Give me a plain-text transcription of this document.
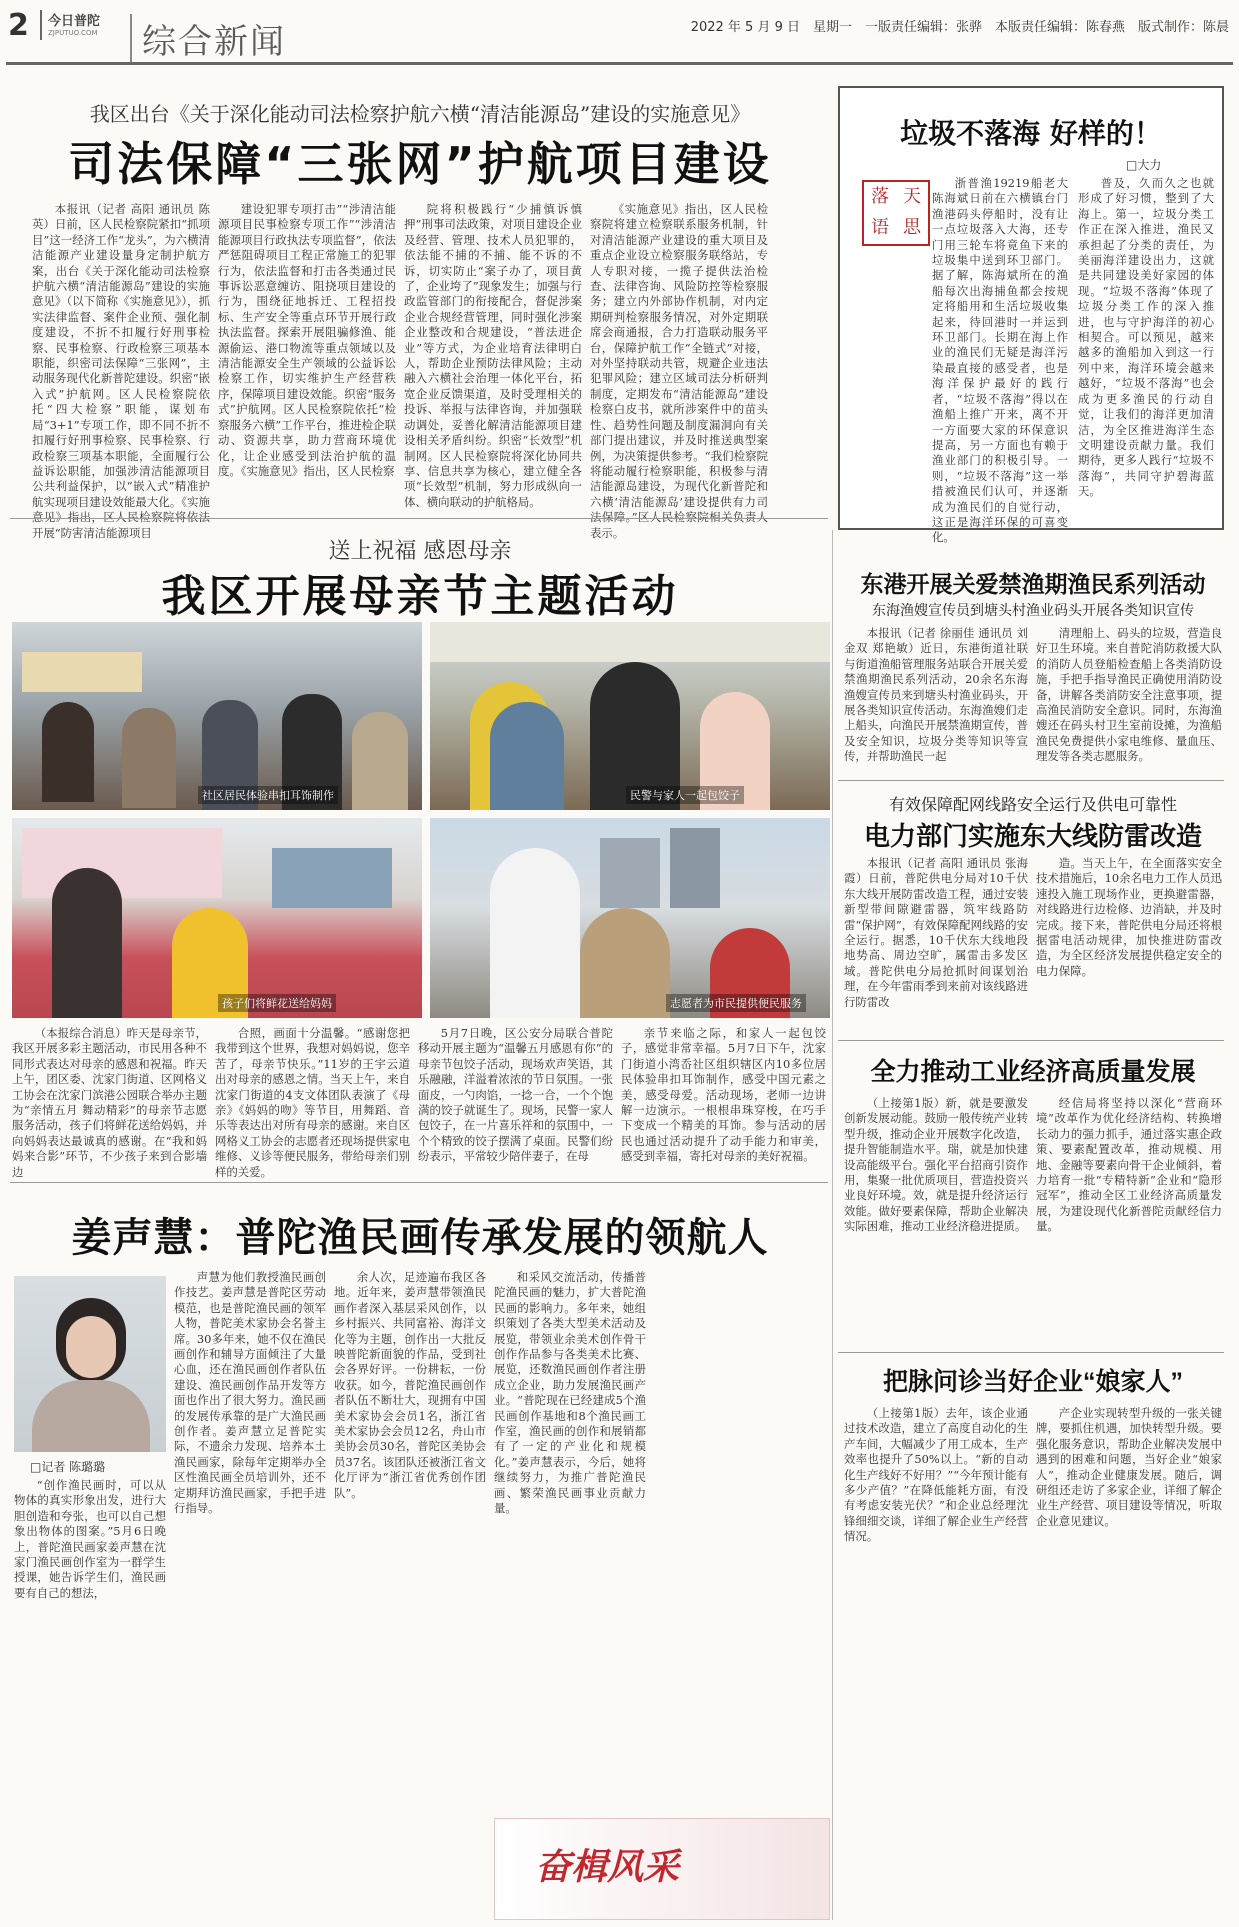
2 今日普陀
ZJPUTUO.COM	综合新闻	2022 年 5 月 9 日　星期一　一版责任编辑：张骅　本版责任编辑：陈春燕　版式制作：陈晨
我区出台《关于深化能动司法检察护航六横“清洁能源岛”建设的实施意见》
司法保障“三张网”护航项目建设
本报讯（记者 高阳 通讯员 陈英）日前，区人民检察院紧扣“抓项目”这一经济工作“龙头”，为六横清洁能源产业建设量身定制护航方案，出台《关于深化能动司法检察护航六横“清洁能源岛”建设的实施意见》（以下简称《实施意见》），抓实法律监督、案件企业预、强化制度建设，不折不扣履行好刑事检察、民事检察、行政检察三项基本职能，织密司法保障“三张网”，主动服务现代化新普陀建设。织密“嵌入式”护航网。区人民检察院依托“四大检察”职能，谋划布局“3+1”专项工作，即不同不折不扣履行好刑事检察、民事检察、行政检察三项基本职能，全面履行公益诉讼职能，加强涉清洁能源项目公共利益保护，以“嵌入式”精准护航实现项目建设效能最大化。《实施 开展“防害清洁能源项目
建设犯罪专项打击”“涉清洁能源项目民事检察专项工作”“涉清洁能源项目行政执法专项监督”，依法严惩阻碍项目工程正常施工的犯罪行为，依法监督和打击各类通过民事诉讼恶意缠访、阻挠项目建设的行为，围绕征地拆迁、工程招投标、生产安全等重点环节开展行政执法监督。探索开展阻骗修渔、能源偷运、港口物流等重点领域以及清洁能源安全生产领域的公益诉讼检察工作，切实维护生产经营秩序，保障项目建设效能。织密“服务式”护航网。区人民检察院依托“检察服务六横”工作平台，推进检企联动、资源共享，助力营商环境优化，让企业感受到法治护航的温度。《实施意见》指出，区人民检察
院将积极践行“少捕慎诉慎押”刑事司法政策，对项目建设企业及经营、管理、技术人员犯罪的，依法能不捕的不捕、能不诉的不诉，切实防止“案子办了，项目黄了，企业垮了”现象发生；加强与行政监管部门的衔接配合，督促涉案企业合规经营管理，同时强化涉案企业整改和合规建设，“普法进企业”等方式，为企业培育法律明白人，帮助企业预防法律风险；主动融入六横社会治理一体化平台，拓宽企业反馈渠道，及时受理相关的投诉、举报与法律咨询，并加强联动调处，妥善化解清洁能源项目建设相关矛盾纠纷。织密“长效型”机制网。区人民检察院将深化协同共享、信息共享为核心，建立健全各项“长效型”机制，努力形成纵向一体、横向联动的护航格局。
《实施意见》指出，区人民检察院将建立检察联系服务机制，针对清洁能源产业建设的重大项目及重点企业设立检察服务联络站，专人专职对接，一揽子提供法治检查、法律咨询、风险防控等检察服务；建立内外部协作机制，对内定期研判检察服务情况，对外定期联席会商通报，合力打造联动服务平台，保障护航工作“全链式”对接，对外坚持联动共管，规避企业违法犯罪风险；建立区域司法分析研判制度，定期发布“清洁能源岛”建设检察白皮书，就所涉案件中的苗头性、趋势性问题及制度漏洞向有关部门提出建议，并及时推送典型案例，为决策提供参考。“我们检察院将能动履行检察职能，积极参与清洁能源岛建设，为现代化新普陀和六横‘清洁能源岛’建设提供有力司 表示。
垃圾不落海 好样的！
□大力
落 天
语 思
浙普渔19219船老大陈海斌日前在六横镇台门渔港码头停船时，没有让一点垃圾落入大海，还专门用三轮车将竟鱼下来的垃圾集中送到环卫部门。据了解，陈海斌所在的渔船每次出海捕鱼都会按规定将船用和生活垃圾收集起来，待回港时一并运到环卫部门。长期在海上作业的渔民们无疑是海洋污染最直接的感受者，也是海洋保护最好的践行者，“垃圾不落海”得以在渔船上推广开来，离不开一方面要大家的环保意识提高，另一方面也有赖于渔业部门的积极引导。一则，“垃圾不落海”这一举措被渔民们认可，并逐渐成为渔民们的自觉行动，这正是海洋环保的可喜变化。
普及，久而久之也就形成了好习惯，整到了大海上。第一，垃圾分类工作正在深入推进，渔民又承担起了分类的责任，为美丽海洋建设出力，这就是共同建设美好家园的体现。“垃圾不落海”体现了垃圾分类工作的深入推进，也与守护海洋的初心相契合。可以预见，越来越多的渔船加入到这一行列中来，海洋环境会越来越好，“垃圾不落海”也会成为更多渔民的行动自觉，让我们的海洋更加清洁，为全区推进海洋生态文明建设贡献力量。我们期待，更多人践行“垃圾不落海”，共同守护碧海蓝天。
送上祝福 感恩母亲
我区开展母亲节主题活动
社区居民体验串扣耳饰制作	民警与家人一起包饺子
孩子们将鲜花送给妈妈	志愿者为市民提供便民服务
（本报综合消息）昨天是母亲节，我区开展多彩主题活动，市民用各种不同形式表达对母亲的感恩和祝福。昨天上午，团区委、沈家门街道、区网格义工协会在沈家门滨港公园联合举办主题为“亲情五月 舞动精彩”的母亲节志愿服务活动，孩子们将鲜花送给妈妈，并向妈妈表达最诚真的感谢。在“我和妈妈来合影”环节，不少孩子来到合影墙边
合照，画面十分温馨。“感谢您把我带到这个世界，我想对妈妈说，您辛苦了，母亲节快乐。”11岁的王宇云道出对母亲的感恩之情。当天上午，来自沈家门街道的4支文体团队表演了《母亲》《妈妈的吻》等节目，用舞蹈、音乐等表达出对所有母亲的感谢。来自区网格义工协会的志愿者还现场提供家电维修、义诊等便民服务，带给母亲们别样的关爱。
5月7日晚，区公安分局联合普陀移动开展主题为“温馨五月感恩有你”的母亲节包饺子活动，现场欢声笑语，其乐融融，洋溢着浓浓的节日氛围。一张面皮，一勺肉馅，一捻一合，一个个饱满的饺子就诞生了。现场，民警一家人包饺子，在一片喜乐祥和的氛围中，一个个精致的饺子摆满了桌面。民警们纷纷表示，平常较少陪伴妻子，在母
亲节来临之际，和家人一起包饺子，感觉非常幸福。5月7日下午，沈家门街道小湾岙社区组织辖区内10多位居民体验串扣耳饰制作，感受中国元素之美，感受母爱。活动现场，老师一边讲解一边演示。一根根串珠穿梭，在巧手下变成一个精美的耳饰。参与活动的居民也通过活动提升了动手能力和审美，感受到幸福，寄托对母亲的美好祝福。
姜声慧：普陀渔民画传承发展的领航人
□记者 陈璐璐
“创作渔民画时，可以从物体的真实形象出发，进行大胆创造和夸张，也可以自己想象出物体的图案。”5月6日晚上，普陀渔民画家姜声慧在沈家门渔民画创作室为一群学生授课，她告诉学生们，渔民画要有自己的想法，
声慧为他们教授渔民画创作技艺。姜声慧是普陀区劳动模范，也是普陀渔民画的领军人物，普陀美术家协会名誉主席。30多年来，她不仅在渔民画创作和辅导方面倾注了大量心血，还在渔民画创作者队伍建设、渔民画创作品开发等方面也作出了很大努力。渔民画的发展传承靠的是广大渔民画创作者。姜声慧立足普陀实际，不遗余力发现、培养本土渔民画家，除每年定期举办全区性渔民画全员培训外，还不定期拜访渔民画家，手把手进行指导。
余人次，足迹遍布我区各地。近年来，姜声慧带领渔民画作者深入基层采风创作，以乡村振兴、共同富裕、海洋文化等为主题，创作出一大批反映普陀新面貌的作品，受到社会各界好评。一份耕耘，一份收获。如今，普陀渔民画创作者队伍不断壮大，现拥有中国美术家协会会员1名，浙江省美术家协会会员12名，舟山市美协会员30名，普陀区美协会员37名。该团队还被浙江省文化厅评为“浙江省优秀创作团队”。
和采风交流活动，传播普陀渔民画的魅力，扩大普陀渔民画的影响力。多年来，她组织策划了各类大型美术活动及展览，带领业余美术创作骨干创作作品参与各类美术比赛、展览，还数渔民画创作者注册成立企业，助力发展渔民画产业。“普陀现在已经建成5个渔民画创作基地和8个渔民画工作室，渔民画的创作和展销都有了一定的产业化和规模化。”姜声慧表示，今后，她将继续努力，为推广普陀渔民画、繁荣渔民画事业贡献力量。
奋楫风采
东港开展关爱禁渔期渔民系列活动
东海渔嫂宣传员到塘头村渔业码头开展各类知识宣传
本报讯（记者 徐丽佳 通讯员 刘金双 郑艳敏）近日，东港街道社联与街道渔船管理服务站联合开展关爱禁渔期渔民系列活动，20余名东海渔嫂宣传员来到塘头村渔业码头，开展各类知识宣传活动。东海渔嫂们走上船头，向渔民开展禁渔期宣传，普及安全知识，垃圾分类等知识等宣传，并帮助渔民一起
清理船上、码头的垃圾，营造良好卫生环境。来自普陀消防救援大队的消防人员登船检查船上各类消防设施，手把手指导渔民正确使用消防设备，讲解各类消防安全注意事项，提高渔民消防安全意识。同时，东海渔嫂还在码头村卫生室前设摊，为渔船渔民免费提供小家电维修、量血压、理发等各类志愿服务。
有效保障配网线路安全运行及供电可靠性
电力部门实施东大线防雷改造
本报讯（记者 高阳 通讯员 张海霞）日前，普陀供电分局对10千伏东大线开展防雷改造工程，通过安装新型带间隙避雷器，筑牢线路防雷“保护网”，有效保障配网线路的安全运行。据悉，10千伏东大线地段地势高、周边空旷，属雷击多发区域。普陀供电分局抢抓时间谋划治理，在今年雷雨季到来前对该线路进行防雷改
造。当天上午，在全面落实安全技术措施后，10余名电力工作人员迅速投入施工现场作业，更换避雷器，对线路进行边检修、边消缺，并及时完成。接下来，普陀供电分局还将根据雷电活动规律，加快推进防雷改造，为全区经济发展提供稳定安全的电力保障。
全力推动工业经济高质量发展
（上接第1版）新，就是要激发创新发展动能。鼓励一般传统产业转型升级，推动企业开展数字化改造，提升智能制造水平。瑞，就是加快建设高能级平台。强化平台招商引资作用，集聚一批优质项目，营造投资兴业良好环境。效，就是提升经济运行效能。做好要素保障，帮助企业解决实际困难，推动工业经济稳进提质。
经信局将坚持以深化“营商环境”改革作为优化经济结构、转换增长动力的强力抓手，通过落实惠企政策、要素配置改革，推动规模、用地、金融等要素向骨干企业倾斜，着力培育一批“专精特新”企业和“隐形冠军”，推动全区工业经济高质量发展，为建设现代化新普陀贡献经信力量。
把脉问诊当好企业“娘家人”
（上接第1版）去年，该企业通过技术改造，建立了高度自动化的生产车间，大幅减少了用工成本，生产效率也提升了50%以上。“新的自动化生产线好不好用？”“今年预计能有多少产值？”在降低能耗方面，有没有考虑安装光伏？”和企业总经理沈锋细细交谈，详细了解企业生产经营情况。
产企业实现转型升级的一张关键牌，要抓住机遇，加快转型升级。要强化服务意识，帮助企业解决发展中遇到的困难和问题，当好企业“娘家人”，推动企业健康发展。随后，调研组还走访了多家企业，详细了解企业生产经营、项目建设等情况，听取企业意见建议。
